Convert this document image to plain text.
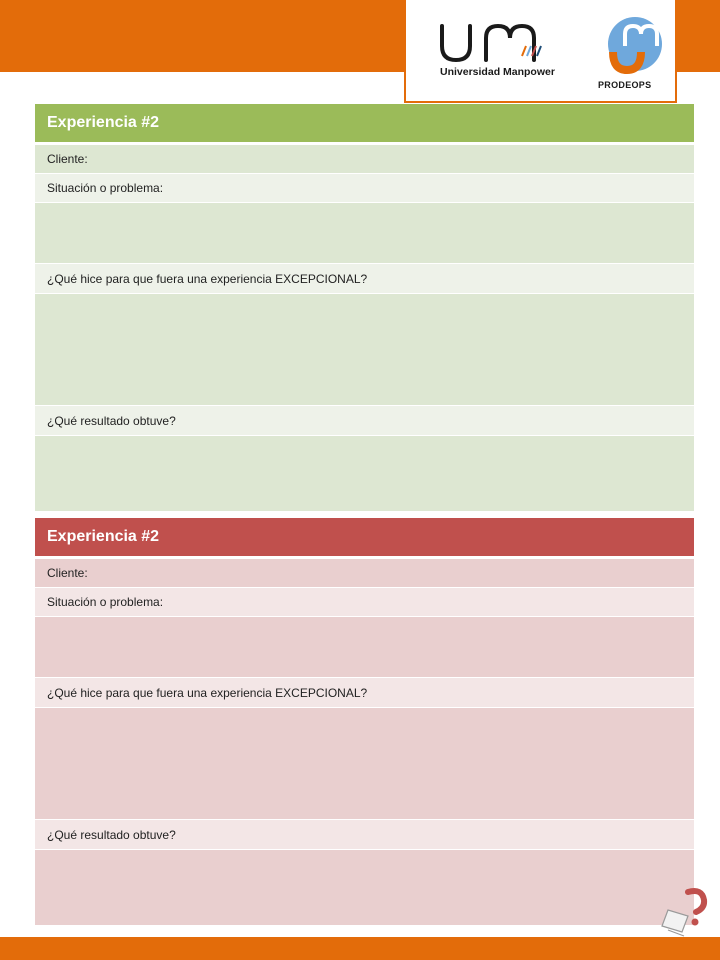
Universidad Manpower
PRODEOPS
Experiencia #2
Cliente:
Situación o problema:
¿Qué hice para que fuera una experiencia EXCEPCIONAL?
¿Qué resultado obtuve?
Experiencia #2
Cliente:
Situación o problema:
¿Qué hice para que fuera una experiencia EXCEPCIONAL?
¿Qué resultado obtuve?
